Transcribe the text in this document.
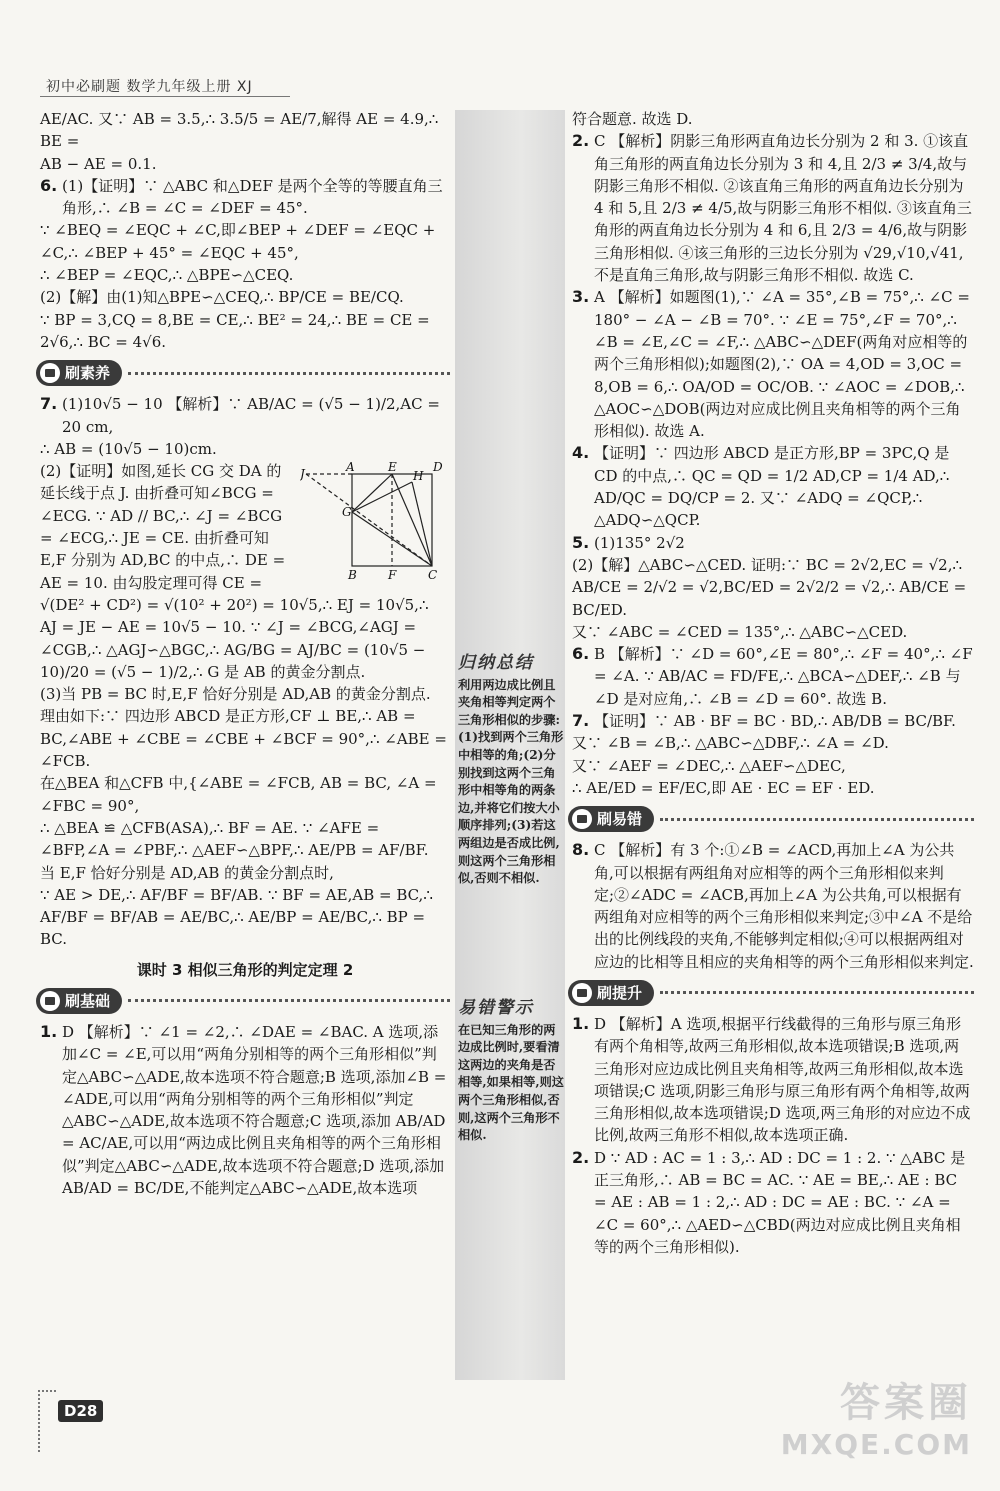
初中必刷题 数学九年级上册 XJ

AE/AC. 又∵ AB = 3.5,∴ 3.5/5 = AE/7,解得 AE = 4.9,∴ BE =

AB − AE = 0.1.

6. (1)【证明】∵ △ABC 和△DEF 是两个全等的等腰直角三角形,∴ ∠B = ∠C = ∠DEF = 45°.

∵ ∠BEQ = ∠EQC + ∠C,即∠BEP + ∠DEF = ∠EQC + ∠C,∴ ∠BEP + 45° = ∠EQC + 45°,

∴ ∠BEP = ∠EQC,∴ △BPE∽△CEQ.

(2)【解】由(1)知△BPE∽△CEQ,∴ BP/CE = BE/CQ.

∵ BP = 3,CQ = 8,BE = CE,∴ BE² = 24,∴ BE = CE = 2√6,∴ BC = 4√6.

刷素养

7. (1)10√5 − 10 【解析】∵ AB/AC = (√5 − 1)/2,AC = 20 cm,

∴ AB = (10√5 − 10)cm.

J	A	E
H
D
G
B	F	C

(2)【证明】如图,延长 CG 交 DA 的延长线于点 J. 由折叠可知∠BCG = ∠ECG. ∵ AD // BC,∴ ∠J = ∠BCG = ∠ECG,∴ JE = CE. 由折叠可知 E,F 分别为 AD,BC 的中点,∴ DE = AE = 10. 由勾股定理可得 CE = √(DE² + CD²) = √(10² + 20²) = 10√5,∴ EJ = 10√5,∴ AJ = JE − AE = 10√5 − 10. ∵ ∠J = ∠BCG,∠AGJ = ∠CGB,∴ △AGJ∽△BGC,∴ AG/BG = AJ/BC = (10√5 − 10)/20 = (√5 − 1)/2,∴ G 是 AB 的黄金分割点.

(3)当 PB = BC 时,E,F 恰好分别是 AD,AB 的黄金分割点. 理由如下:∵ 四边形 ABCD 是正方形,CF ⊥ BE,∴ AB = BC,∠ABE + ∠CBE = ∠CBE + ∠BCF = 90°,∴ ∠ABE = ∠FCB.

在△BEA 和△CFB 中,{∠ABE = ∠FCB, AB = BC, ∠A = ∠FBC = 90°,

∴ △BEA ≌ △CFB(ASA),∴ BF = AE. ∵ ∠AFE = ∠BFP,∠A = ∠PBF,∴ △AEF∽△BPF,∴ AE/PB = AF/BF.

当 E,F 恰好分别是 AD,AB 的黄金分割点时,

∵ AE > DE,∴ AF/BF = BF/AB. ∵ BF = AE,AB = BC,∴ AF/BF = BF/AB = AE/BC,∴ AE/BP = AE/BC,∴ BP = BC.

课时 3 相似三角形的判定定理 2
刷基础

1. D 【解析】∵ ∠1 = ∠2,∴ ∠DAE = ∠BAC. A 选项,添加∠C = ∠E,可以用“两角分别相等的两个三角形相似”判定△ABC∽△ADE,故本选项不符合题意;B 选项,添加∠B = ∠ADE,可以用“两角分别相等的两个三角形相似”判定△ABC∽△ADE,故本选项不符合题意;C 选项,添加 AB/AD = AC/AE,可以用“两边成比例且夹角相等的两个三角形相似”判定△ABC∽△ADE,故本选项不符合题意;D 选项,添加 AB/AD = BC/DE,不能判定△ABC∽△ADE,故本选项

归纳总结
利用两边成比例且夹角相等判定两个三角形相似的步骤:(1)找到两个三角形中相等的角;(2)分别找到这两个三角形中相等角的两条边,并将它们按大小顺序排列;(3)若这两组边是否成比例,则这两个三角形相似,否则不相似.
易错警示
在已知三角形的两边成比例时,要看清这两边的夹角是否相等,如果相等,则这两个三角形相似,否则,这两个三角形不相似.

符合题意. 故选 D.

2. C 【解析】阴影三角形两直角边长分别为 2 和 3. ①该直角三角形的两直角边长分别为 3 和 4,且 2/3 ≠ 3/4,故与阴影三角形不相似. ②该直角三角形的两直角边长分别为 4 和 5,且 2/3 ≠ 4/5,故与阴影三角形不相似. ③该直角三角形的两直角边长分别为 4 和 6,且 2/3 = 4/6,故与阴影三角形相似. ④该三角形的三边长分别为 √29,√10,√41,不是直角三角形,故与阴影三角形不相似. 故选 C.

3. A 【解析】如题图(1),∵ ∠A = 35°,∠B = 75°,∴ ∠C = 180° − ∠A − ∠B = 70°. ∵ ∠E = 75°,∠F = 70°,∴ ∠B = ∠E,∠C = ∠F,∴ △ABC∽△DEF(两角对应相等的两个三角形相似);如题图(2),∵ OA = 4,OD = 3,OC = 8,OB = 6,∴ OA/OD = OC/OB. ∵ ∠AOC = ∠DOB,∴ △AOC∽△DOB(两边对应成比例且夹角相等的两个三角形相似). 故选 A.

4. 【证明】∵ 四边形 ABCD 是正方形,BP = 3PC,Q 是 CD 的中点,∴ QC = QD = 1/2 AD,CP = 1/4 AD,∴ AD/QC = DQ/CP = 2. 又∵ ∠ADQ = ∠QCP,∴ △ADQ∽△QCP.

5. (1)135° 2√2

(2)【解】△ABC∽△CED. 证明:∵ BC = 2√2,EC = √2,∴ AB/CE = 2/√2 = √2,BC/ED = 2√2/2 = √2,∴ AB/CE = BC/ED.

又∵ ∠ABC = ∠CED = 135°,∴ △ABC∽△CED.

6. B 【解析】∵ ∠D = 60°,∠E = 80°,∴ ∠F = 40°,∴ ∠F = ∠A. ∵ AB/AC = FD/FE,∴ △BCA∽△DEF,∴ ∠B 与∠D 是对应角,∴ ∠B = ∠D = 60°. 故选 B.

7. 【证明】∵ AB · BF = BC · BD,∴ AB/DB = BC/BF.

又∵ ∠B = ∠B,∴ △ABC∽△DBF,∴ ∠A = ∠D.

又∵ ∠AEF = ∠DEC,∴ △AEF∽△DEC,

∴ AE/ED = EF/EC,即 AE · EC = EF · ED.

刷易错

8. C 【解析】有 3 个:①∠B = ∠ACD,再加上∠A 为公共角,可以根据有两组角对应相等的两个三角形相似来判定;②∠ADC = ∠ACB,再加上∠A 为公共角,可以根据有两组角对应相等的两个三角形相似来判定;③中∠A 不是给出的比例线段的夹角,不能够判定相似;④可以根据两组对应边的比相等且相应的夹角相等的两个三角形相似来判定.

刷提升

1. D 【解析】A 选项,根据平行线截得的三角形与原三角形有两个角相等,故两三角形相似,故本选项错误;B 选项,两三角形对应边成比例且夹角相等,故两三角形相似,故本选项错误;C 选项,阴影三角形与原三角形有两个角相等,故两三角形相似,故本选项错误;D 选项,两三角形的对应边不成比例,故两三角形不相似,故本选项正确.

2. D ∵ AD : AC = 1 : 3,∴ AD : DC = 1 : 2. ∵ △ABC 是正三角形,∴ AB = BC = AC. ∵ AE = BE,∴ AE : BC = AE : AB = 1 : 2,∴ AD : DC = AE : BC. ∵ ∠A = ∠C = 60°,∴ △AED∽△CBD(两边对应成比例且夹角相等的两个三角形相似).

D28	答案圈
MXQE.COM
